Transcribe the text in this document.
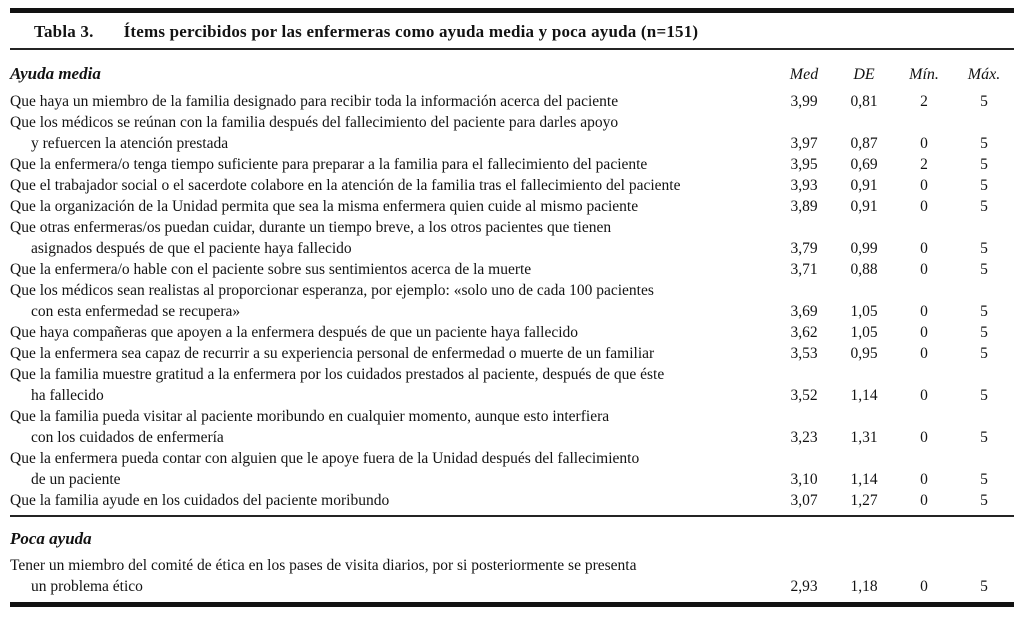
Tabla 3. Ítems percibidos por las enfermeras como ayuda media y poca ayuda (n=151)
Ayuda media	Med	DE	Mín.	Máx.
Que haya un miembro de la familia designado para recibir toda la información acerca del paciente	3,99	0,81	2	5
Que los médicos se reúnan con la familia después del fallecimiento del paciente para darles apoyo
y refuercen la atención prestada	3,97	0,87	0	5
Que la enfermera/o tenga tiempo suficiente para preparar a la familia para el fallecimiento del paciente	3,95	0,69	2	5
Que el trabajador social o el sacerdote colabore en la atención de la familia tras el fallecimiento del paciente	3,93	0,91	0	5
Que la organización de la Unidad permita que sea la misma enfermera quien cuide al mismo paciente	3,89	0,91	0	5
Que otras enfermeras/os puedan cuidar, durante un tiempo breve, a los otros pacientes que tienen
asignados después de que el paciente haya fallecido	3,79	0,99	0	5
Que la enfermera/o hable con el paciente sobre sus sentimientos acerca de la muerte	3,71	0,88	0	5
Que los médicos sean realistas al proporcionar esperanza, por ejemplo: «solo uno de cada 100 pacientes
con esta enfermedad se recupera»	3,69	1,05	0	5
Que haya compañeras que apoyen a la enfermera después de que un paciente haya fallecido	3,62	1,05	0	5
Que la enfermera sea capaz de recurrir a su experiencia personal de enfermedad o muerte de un familiar	3,53	0,95	0	5
Que la familia muestre gratitud a la enfermera por los cuidados prestados al paciente, después de que éste
ha fallecido	3,52	1,14	0	5
Que la familia pueda visitar al paciente moribundo en cualquier momento, aunque esto interfiera
con los cuidados de enfermería	3,23	1,31	0	5
Que la enfermera pueda contar con alguien que le apoye fuera de la Unidad después del fallecimiento
de un paciente	3,10	1,14	0	5
Que la familia ayude en los cuidados del paciente moribundo	3,07	1,27	0	5
Poca ayuda
Tener un miembro del comité de ética en los pases de visita diarios, por si posteriormente se presenta
un problema ético	2,93	1,18	0	5
